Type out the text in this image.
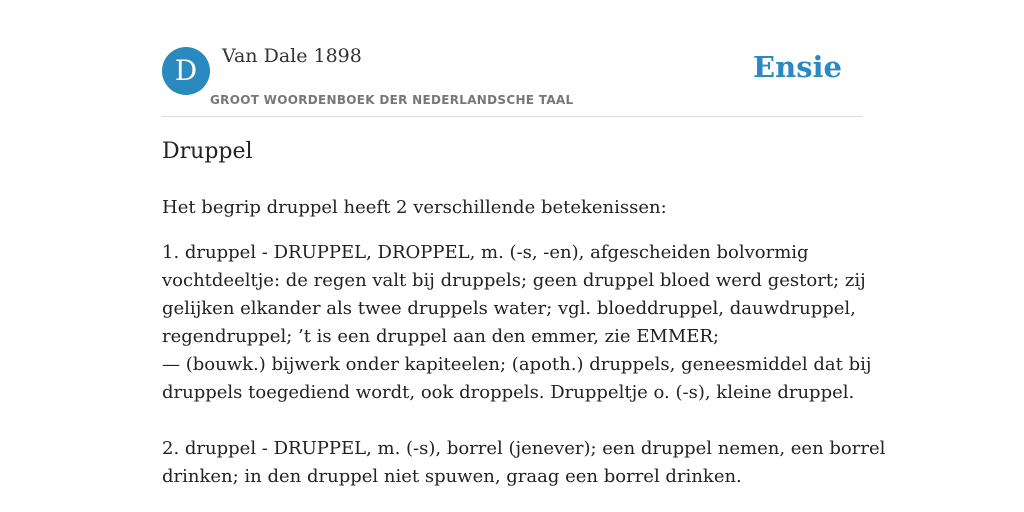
D	Van Dale 1898
GROOT WOORDENBOEK DER NEDERLANDSCHE TAAL
Ensie
Druppel

Het begrip druppel heeft 2 verschillende betekenissen:

1. druppel - DRUPPEL, DROPPEL, m. (-s, -en), afgescheiden bolvormig
vochtdeeltje: de regen valt bij druppels; geen druppel bloed werd gestort; zij
gelijken elkander als twee druppels water; vgl. bloeddruppel, dauwdruppel,
regendruppel; ’t is een druppel aan den emmer, zie EMMER;
— (bouwk.) bijwerk onder kapiteelen; (apoth.) druppels, geneesmiddel dat bij
druppels toegediend wordt, ook droppels. Druppeltje o. (-s), kleine druppel.

2. druppel - DRUPPEL, m. (-s), borrel (jenever); een druppel nemen, een borrel
drinken; in den druppel niet spuwen, graag een borrel drinken.
